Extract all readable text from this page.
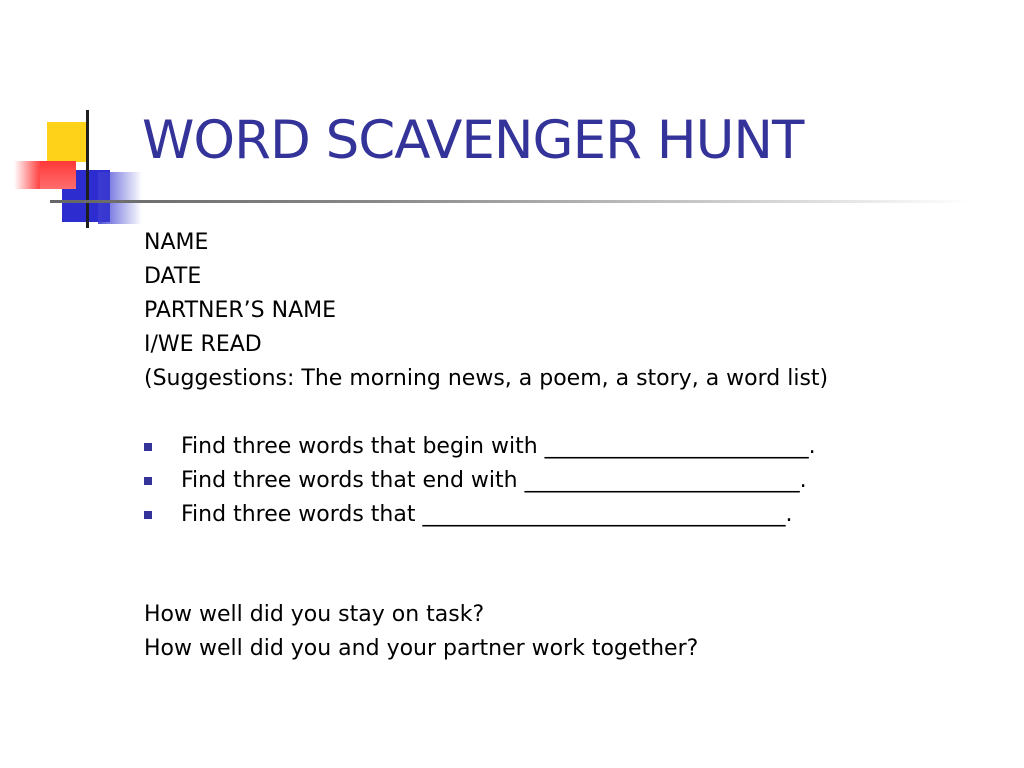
WORD SCAVENGER HUNT
NAME
DATE
PARTNER’S NAME
I/WE READ
(Suggestions: The morning news, a poem, a story, a word list)
Find three words that begin with ________________________.
Find three words that end with _________________________.
Find three words that _________________________________.
How well did you stay on task?
How well did you and your partner work together?
